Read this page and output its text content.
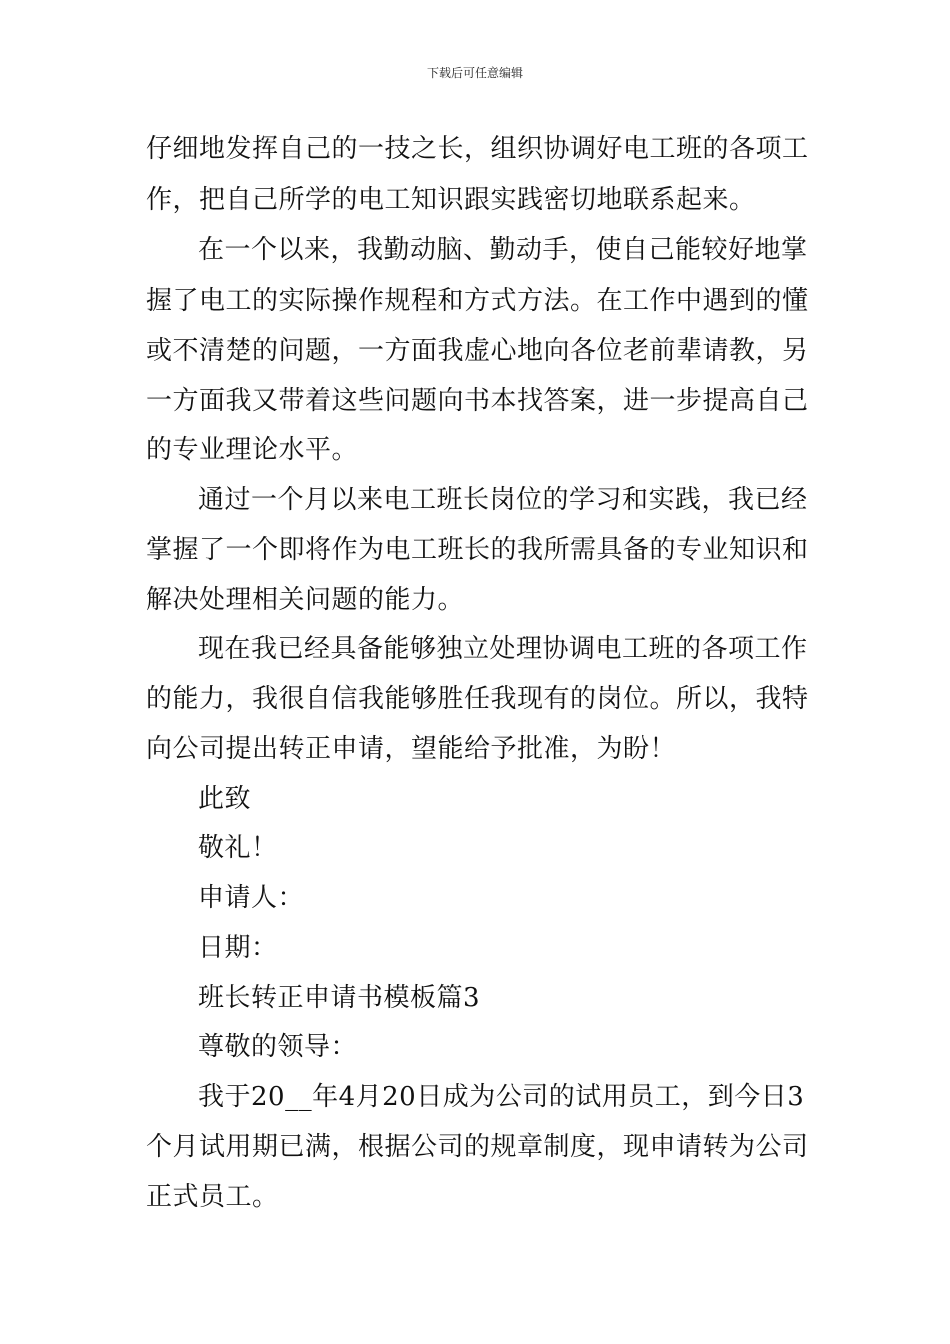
下载后可任意编辑
仔细地发挥自己的一技之长，组织协调好电工班的各项工
作，把自己所学的电工知识跟实践密切地联系起来。
在一个以来，我勤动脑、勤动手，使自己能较好地掌
握了电工的实际操作规程和方式方法。在工作中遇到的懂
或不清楚的问题，一方面我虚心地向各位老前辈请教，另
一方面我又带着这些问题向书本找答案，进一步提高自己
的专业理论水平。
通过一个月以来电工班长岗位的学习和实践，我已经
掌握了一个即将作为电工班长的我所需具备的专业知识和
解决处理相关问题的能力。
现在我已经具备能够独立处理协调电工班的各项工作
的能力，我很自信我能够胜任我现有的岗位。所以，我特
向公司提出转正申请，望能给予批准，为盼！
此致
敬礼！
申请人：
日期：
班长转正申请书模板篇3
尊敬的领导：
我于20__年4月20日成为公司的试用员工，到今日3
个月试用期已满，根据公司的规章制度，现申请转为公司
正式员工。
